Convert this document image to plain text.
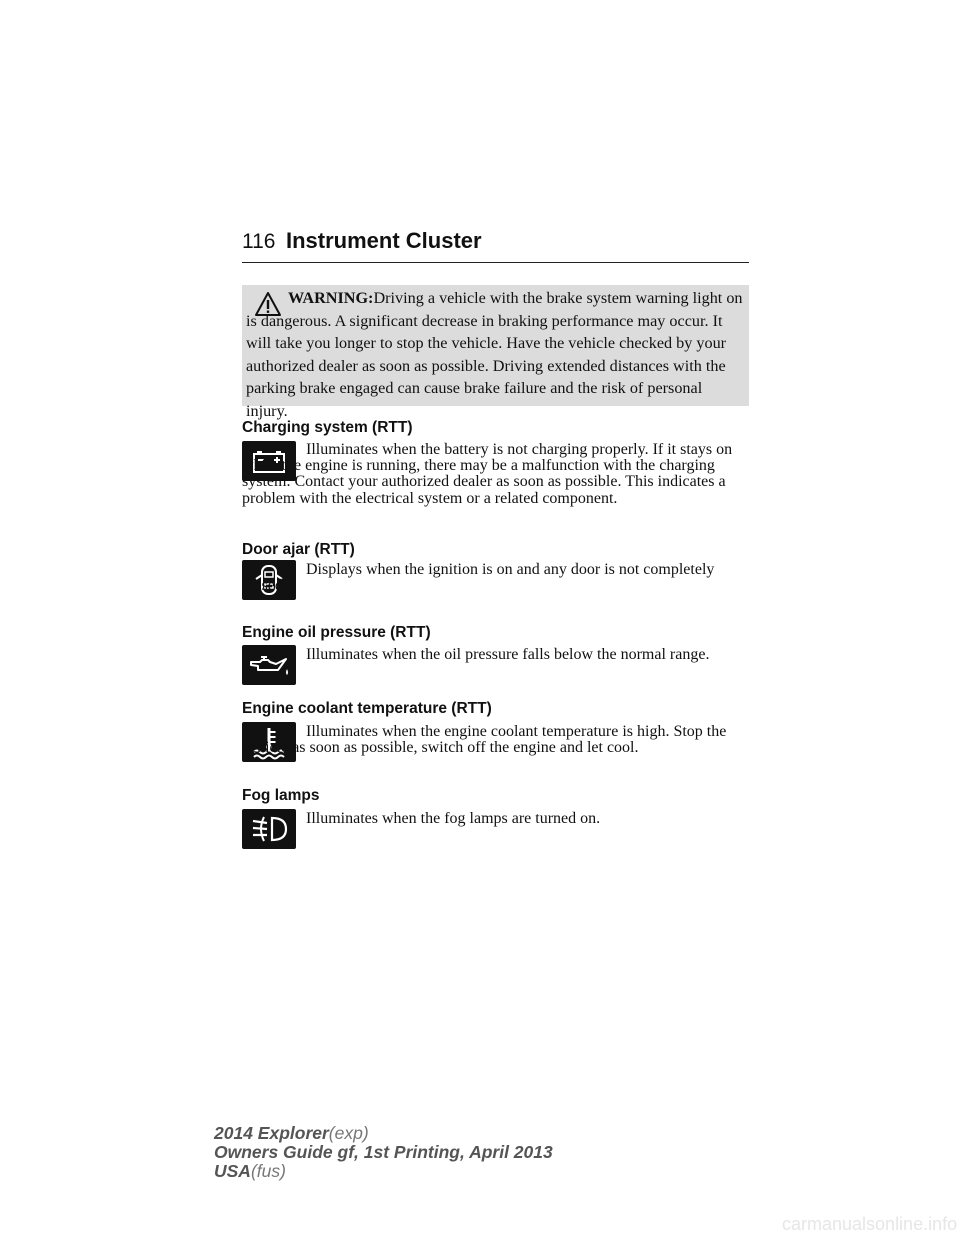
116 Instrument Cluster
WARNING:Driving a vehicle with the brake system warning light on is dangerous. A significant decrease in braking performance may occur. It will take you longer to stop the vehicle. Have the vehicle checked by your authorized dealer as soon as possible. Driving extended distances with the parking brake engaged can cause brake failure and the risk of personal injury.
Charging system (RTT)
Illuminates when the battery is not charging properly. If it stays on while the engine is running, there may be a malfunction with the charging system. Contact your authorized dealer as soon as possible. This indicates a problem with the electrical system or a related component.
Door ajar (RTT)
Displays when the ignition is on and any door is not completely closed.
Engine oil pressure (RTT)
Illuminates when the oil pressure falls below the normal range.
Engine coolant temperature (RTT)
Illuminates when the engine coolant temperature is high. Stop the vehicle as soon as possible, switch off the engine and let cool.
Fog lamps
Illuminates when the fog lamps are turned on.
2014 Explorer(exp)
Owners Guide gf, 1st Printing, April 2013
USA(fus)
carmanualsonline.info
